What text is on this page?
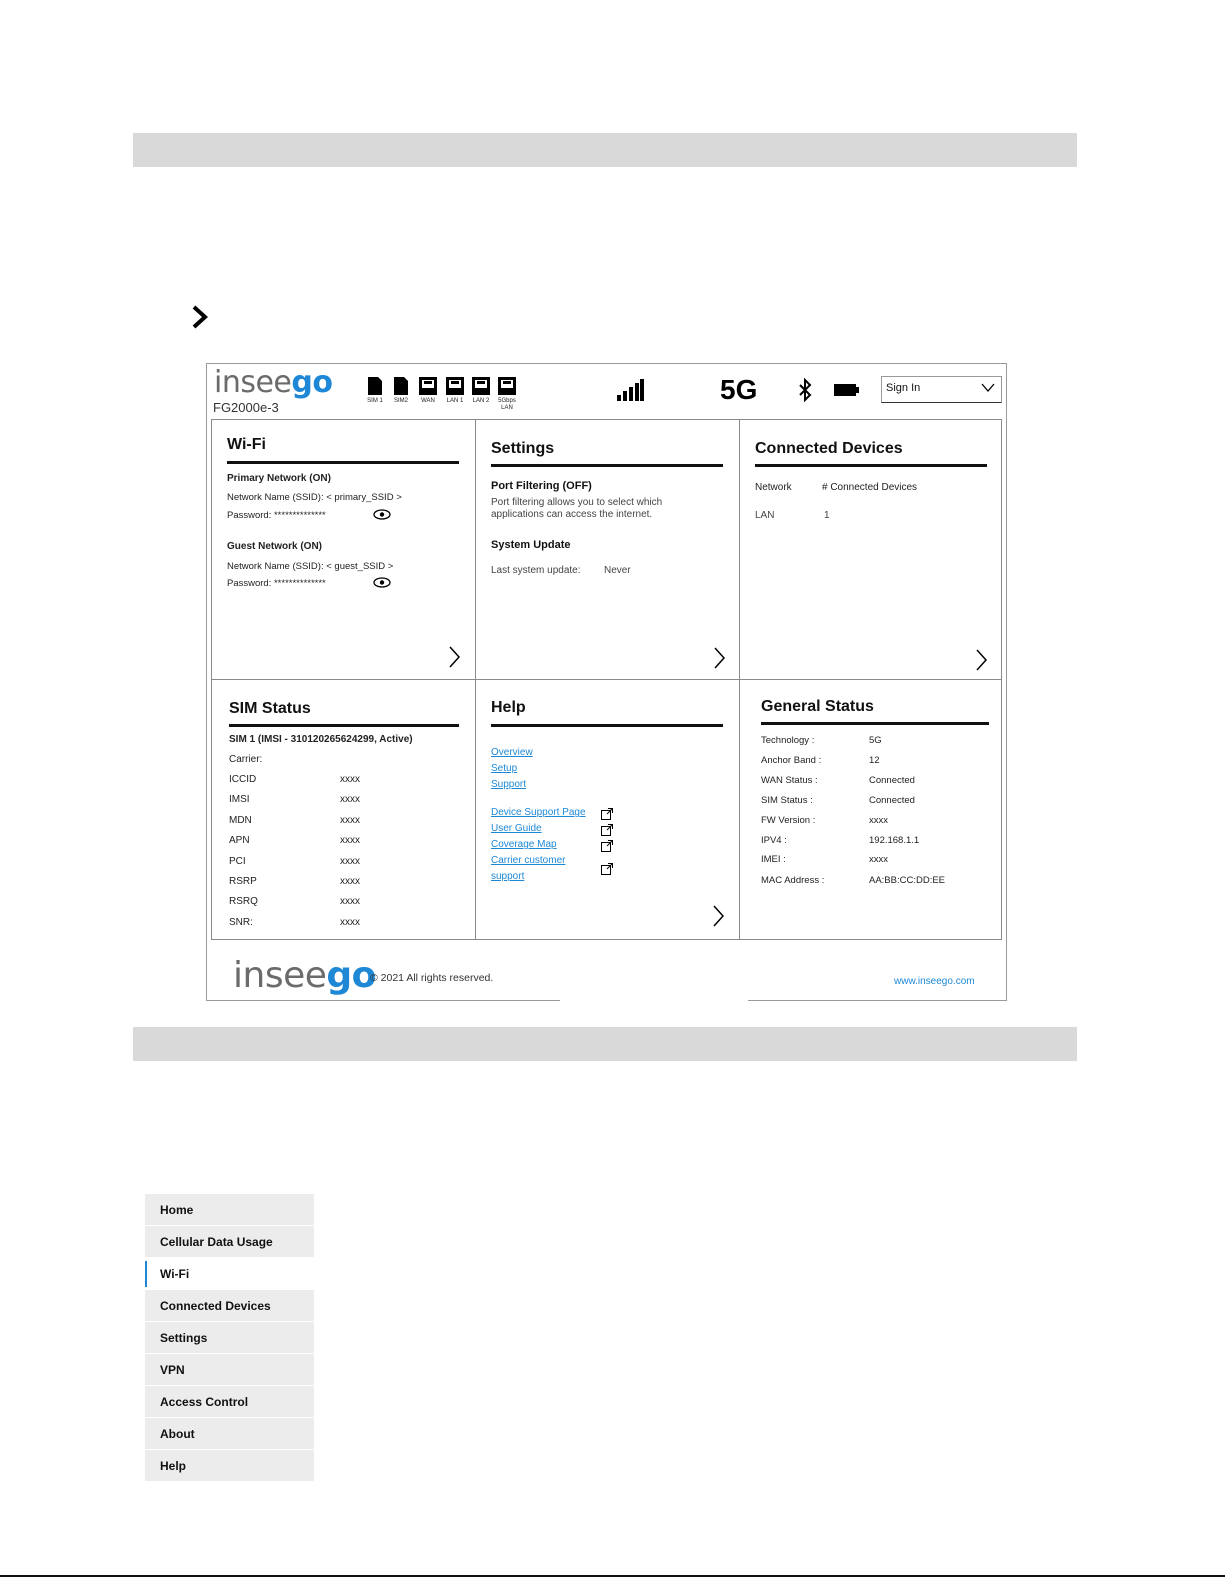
inseego
FG2000e-3	SIM 1	SIM2	WAN	LAN 1	LAN 2	5Gbps LAN
5G	Sign In
Wi-Fi
Primary Network (ON)
Network Name (SSID): < primary_SSID >
Password: **************
Guest Network (ON)
Network Name (SSID): < guest_SSID >
Password: **************
Settings
Port Filtering (OFF)
Port filtering allows you to select which
applications can access the internet.
System Update
Last system update: Never
Connected Devices
Network	# Connected Devices
LAN	1
SIM Status
SIM 1 (IMSI - 310120265624299, Active)
Carrier:
ICCID	xxxx
IMSI	xxxx
MDN	xxxx
APN	xxxx
PCI	xxxx
RSRP	xxxx
RSRQ	xxxx
SNR:	xxxx
Help
Overview
Setup
Support
Device Support Page
User Guide
Coverage Map
Carrier customer
support
General Status
Technology :	5G
Anchor Band :	12
WAN Status :	Connected
SIM Status :	Connected
FW Version :	xxxx
IPV4 :	192.168.1.1
IMEI :	xxxx
MAC Address :	AA:BB:CC:DD:EE
inseego
© 2021 All rights reserved.	www.inseego.com
Home
Cellular Data Usage
Wi-Fi
Connected Devices
Settings
VPN
Access Control
About
Help
